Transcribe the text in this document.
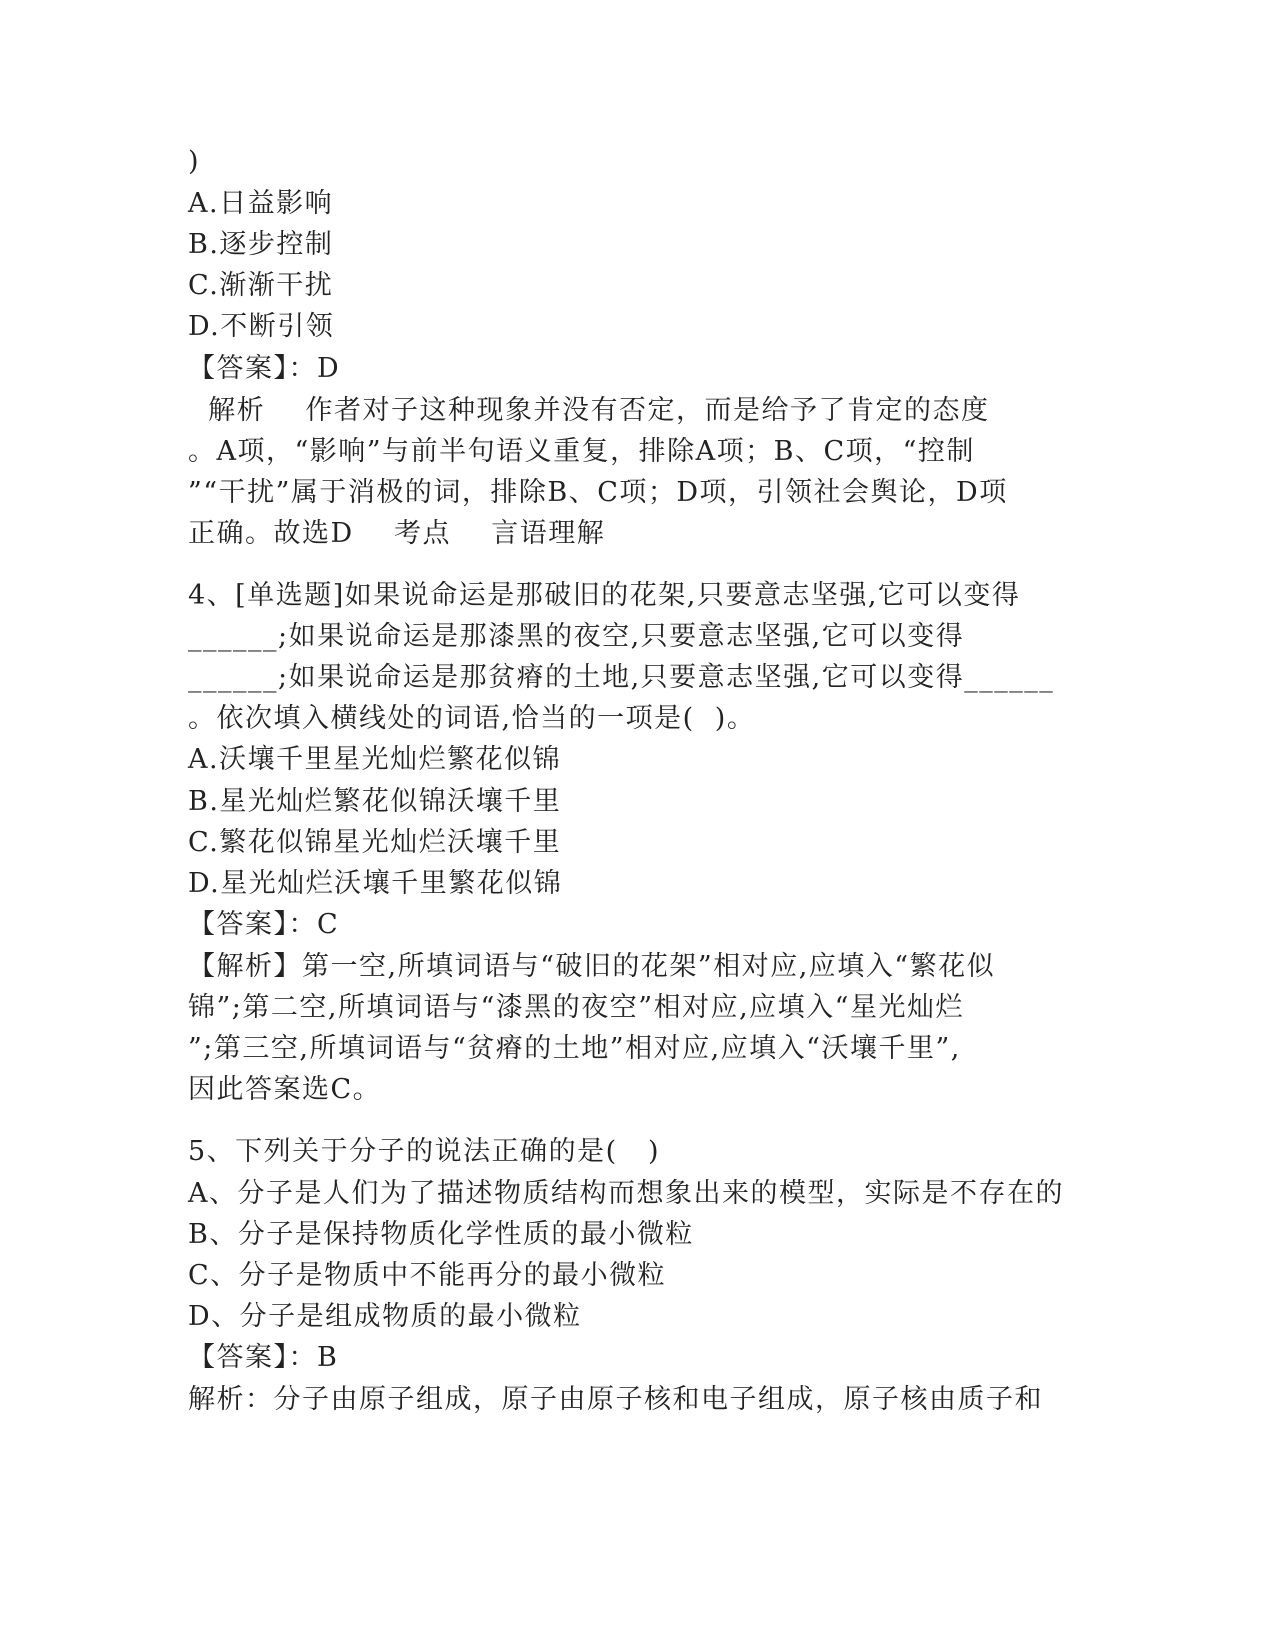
)
A.日益影响
B.逐步控制
C.渐渐干扰
D.不断引领
【答案】：D
解析    作者对子这种现象并没有否定，而是给予了肯定的态度
。A项，“影响”与前半句语义重复，排除A项；B、C项，“控制
”“干扰”属于消极的词，排除B、C项；D项，引领社会舆论，D项
正确。故选D    考点    言语理解
4、[单选题]如果说命运是那破旧的花架,只要意志坚强,它可以变得
______;如果说命运是那漆黑的夜空,只要意志坚强,它可以变得
______;如果说命运是那贫瘠的土地,只要意志坚强,它可以变得______
。依次填入横线处的词语,恰当的一项是(  )。
A.沃壤千里星光灿烂繁花似锦
B.星光灿烂繁花似锦沃壤千里
C.繁花似锦星光灿烂沃壤千里
D.星光灿烂沃壤千里繁花似锦
【答案】：C
【解析】第一空,所填词语与“破旧的花架”相对应,应填入“繁花似
锦”;第二空,所填词语与“漆黑的夜空”相对应,应填入“星光灿烂
”;第三空,所填词语与“贫瘠的土地”相对应,应填入“沃壤千里”,
因此答案选C。
5、下列关于分子的说法正确的是(   )
A、分子是人们为了描述物质结构而想象出来的模型，实际是不存在的
B、分子是保持物质化学性质的最小微粒
C、分子是物质中不能再分的最小微粒
D、分子是组成物质的最小微粒
【答案】：B
解析：分子由原子组成，原子由原子核和电子组成，原子核由质子和
